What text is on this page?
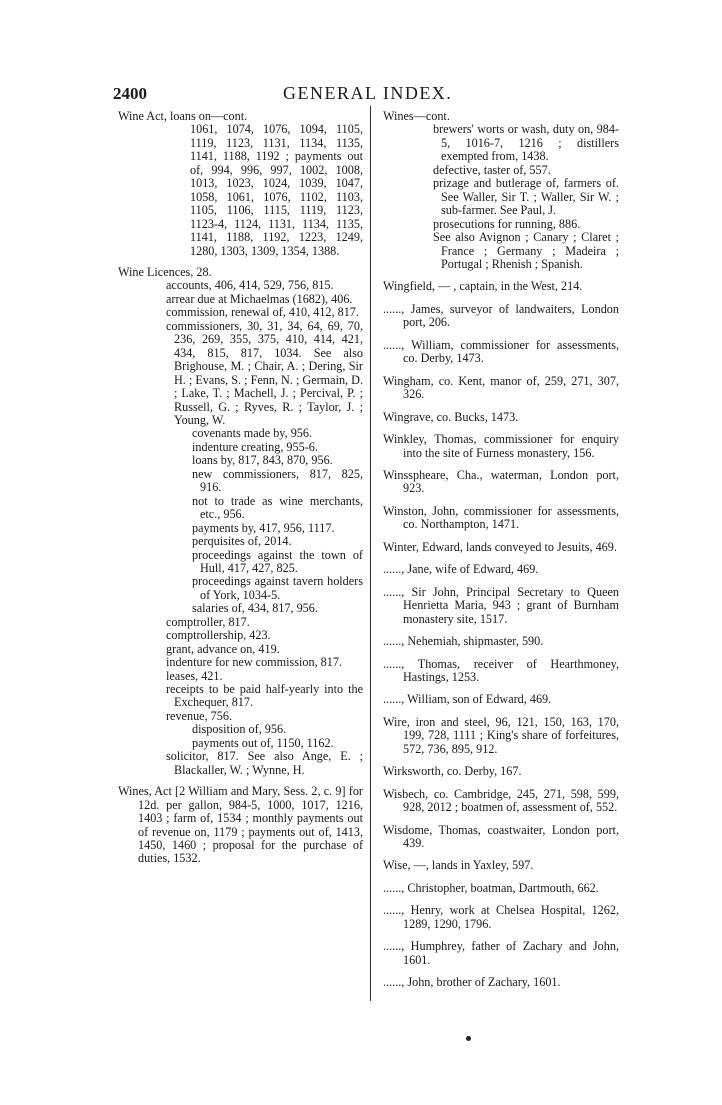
2400	GENERAL INDEX.

Wine Act, loans on—cont.

1061, 1074, 1076, 1094, 1105, 1119, 1123, 1131, 1134, 1135, 1141, 1188, 1192 ; payments out of, 994, 996, 997, 1002, 1008, 1013, 1023, 1024, 1039, 1047, 1058, 1061, 1076, 1102, 1103, 1105, 1106, 1115, 1119, 1123, 1123-4, 1124, 1131, 1134, 1135, 1141, 1188, 1192, 1223, 1249, 1280, 1303, 1309, 1354, 1388.

Wine Licences, 28.

accounts, 406, 414, 529, 756, 815.

arrear due at Michaelmas (1682), 406.

commission, renewal of, 410, 412, 817.

commissioners, 30, 31, 34, 64, 69, 70, 236, 269, 355, 375, 410, 414, 421, 434, 815, 817, 1034. See also Brighouse, M. ; Chair, A. ; Dering, Sir H. ; Evans, S. ; Fenn, N. ; Germain, D. ; Lake, T. ; Machell, J. ; Percival, P. ; Russell, G. ; Ryves, R. ; Taylor, J. ; Young, W.

covenants made by, 956.

indenture creating, 955-6.

loans by, 817, 843, 870, 956.

new commissioners, 817, 825, 916.

not to trade as wine merchants, etc., 956.

payments by, 417, 956, 1117.

perquisites of, 2014.

proceedings against the town of Hull, 417, 427, 825.

proceedings against tavern holders of York, 1034-5.

salaries of, 434, 817, 956.

comptroller, 817.

comptrollership, 423.

grant, advance on, 419.

indenture for new commission, 817.

leases, 421.

receipts to be paid half-yearly into the Exchequer, 817.

revenue, 756.

disposition of, 956.

payments out of, 1150, 1162.

solicitor, 817. See also Ange, E. ; Blackaller, W. ; Wynne, H.

Wines, Act [2 William and Mary, Sess. 2, c. 9] for 12d. per gallon, 984-5, 1000, 1017, 1216, 1403 ; farm of, 1534 ; monthly payments out of revenue on, 1179 ; payments out of, 1413, 1450, 1460 ; proposal for the purchase of duties, 1532.

Wines—cont.

brewers' worts or wash, duty on, 984-5, 1016-7, 1216 ; distillers exempted from, 1438.

defective, taster of, 557.

prizage and butlerage of, farmers of. See Waller, Sir T. ; Waller, Sir W. ; sub-farmer. See Paul, J.

prosecutions for running, 886.

See also Avignon ; Canary ; Claret ; France ; Germany ; Madeira ; Portugal ; Rhenish ; Spanish.

Wingfield, — , captain, in the West, 214.

......, James, surveyor of landwaiters, London port, 206.

......, William, commissioner for assessments, co. Derby, 1473.

Wingham, co. Kent, manor of, 259, 271, 307, 326.

Wingrave, co. Bucks, 1473.

Winkley, Thomas, commissioner for enquiry into the site of Furness monastery, 156.

Winsspheare, Cha., waterman, London port, 923.

Winston, John, commissioner for assessments, co. Northampton, 1471.

Winter, Edward, lands conveyed to Jesuits, 469.

......, Jane, wife of Edward, 469.

......, Sir John, Principal Secretary to Queen Henrietta Maria, 943 ; grant of Burnham monastery site, 1517.

......, Nehemiah, shipmaster, 590.

......, Thomas, receiver of Hearthmoney, Hastings, 1253.

......, William, son of Edward, 469.

Wire, iron and steel, 96, 121, 150, 163, 170, 199, 728, 1111 ; King's share of forfeitures, 572, 736, 895, 912.

Wirksworth, co. Derby, 167.

Wisbech, co. Cambridge, 245, 271, 598, 599, 928, 2012 ; boatmen of, assessment of, 552.

Wisdome, Thomas, coastwaiter, London port, 439.

Wise, —, lands in Yaxley, 597.

......, Christopher, boatman, Dartmouth, 662.

......, Henry, work at Chelsea Hospital, 1262, 1289, 1290, 1796.

......, Humphrey, father of Zachary and John, 1601.

......, John, brother of Zachary, 1601.
